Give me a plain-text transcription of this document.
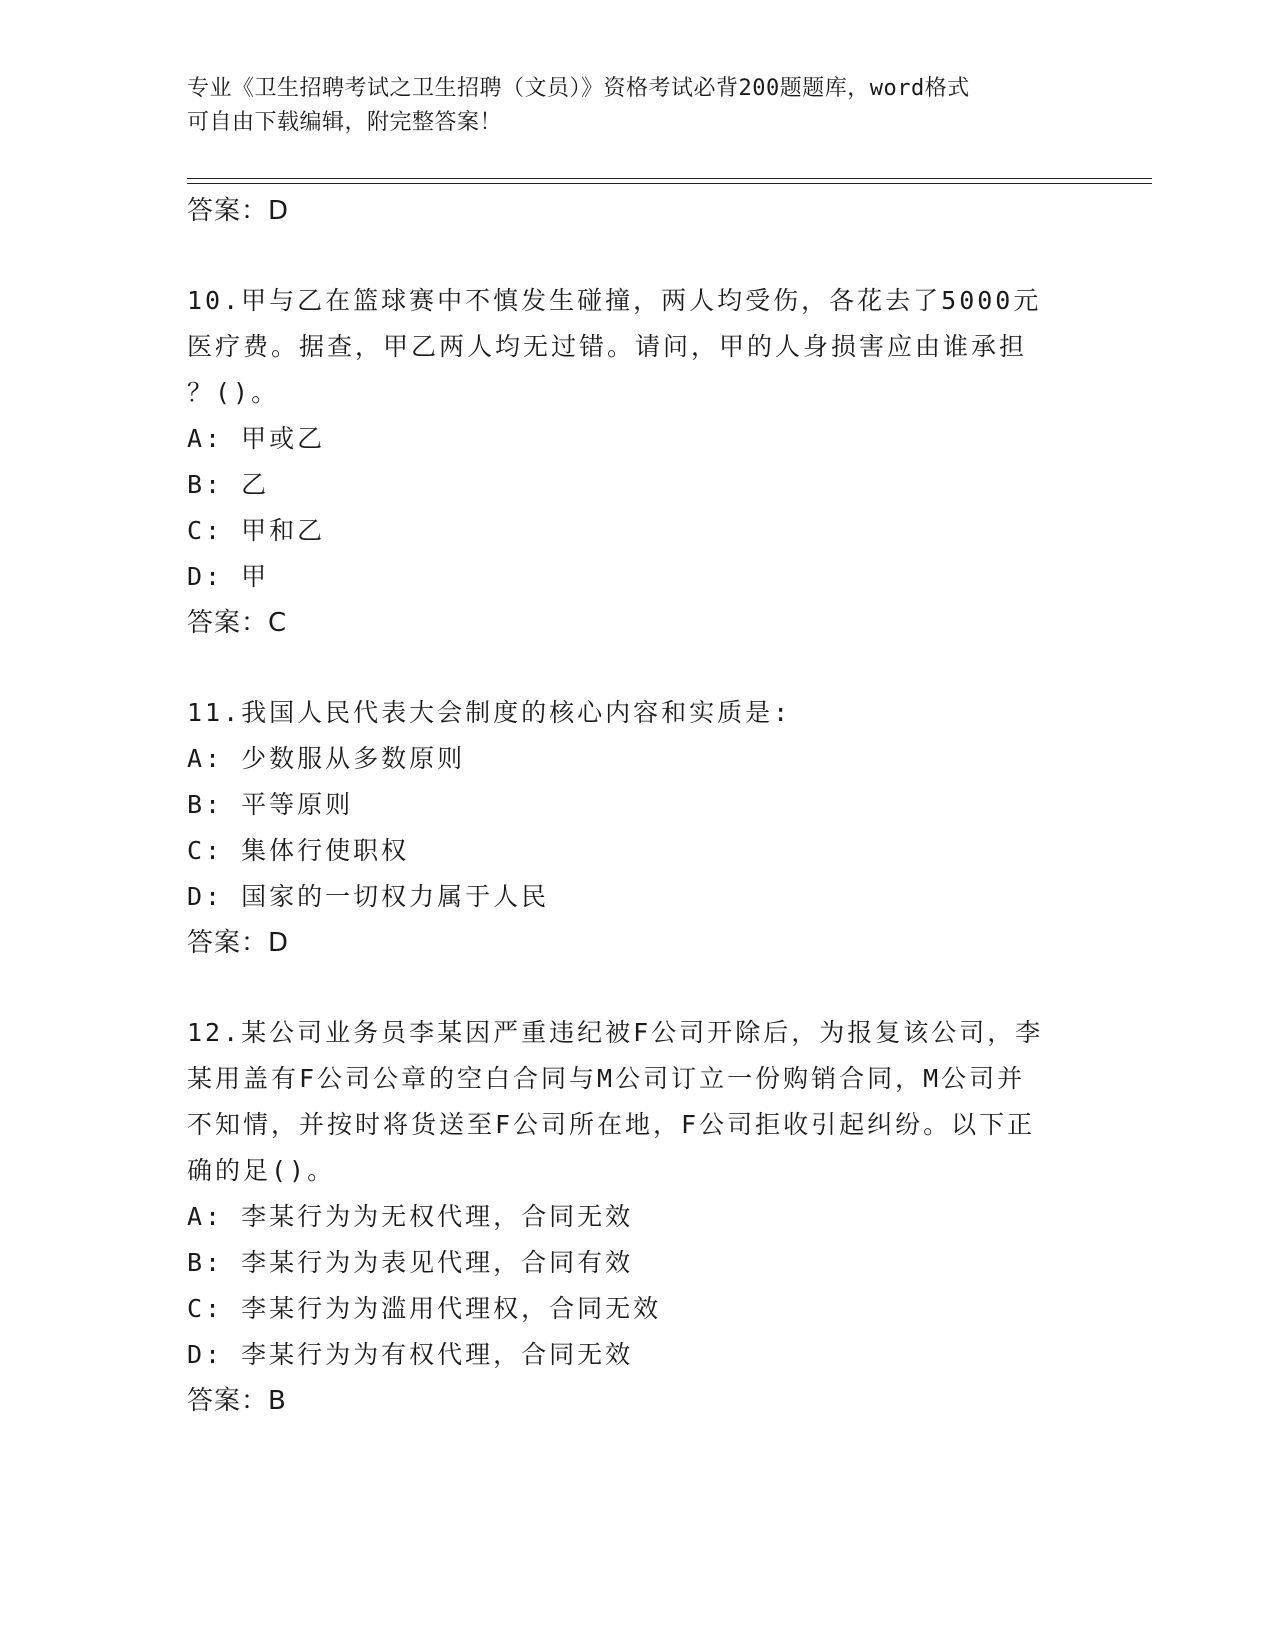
专业《卫生招聘考试之卫生招聘（文员）》资格考试必背200题题库，word格式
可自由下载编辑，附完整答案！
答案：D
10.甲与乙在篮球赛中不慎发生碰撞，两人均受伤，各花去了5000元
医疗费。据查，甲乙两人均无过错。请问，甲的人身损害应由谁承担
？()。
A: 甲或乙
B: 乙
C: 甲和乙
D: 甲
答案：C
11.我国人民代表大会制度的核心内容和实质是:
A: 少数服从多数原则
B: 平等原则
C: 集体行使职权
D: 国家的一切权力属于人民
答案：D
12.某公司业务员李某因严重违纪被F公司开除后，为报复该公司，李
某用盖有F公司公章的空白合同与M公司订立一份购销合同，M公司并
不知情，并按时将货送至F公司所在地，F公司拒收引起纠纷。以下正
确的足()。
A: 李某行为为无权代理，合同无效
B: 李某行为为表见代理，合同有效
C: 李某行为为滥用代理权，合同无效
D: 李某行为为有权代理，合同无效
答案：B
